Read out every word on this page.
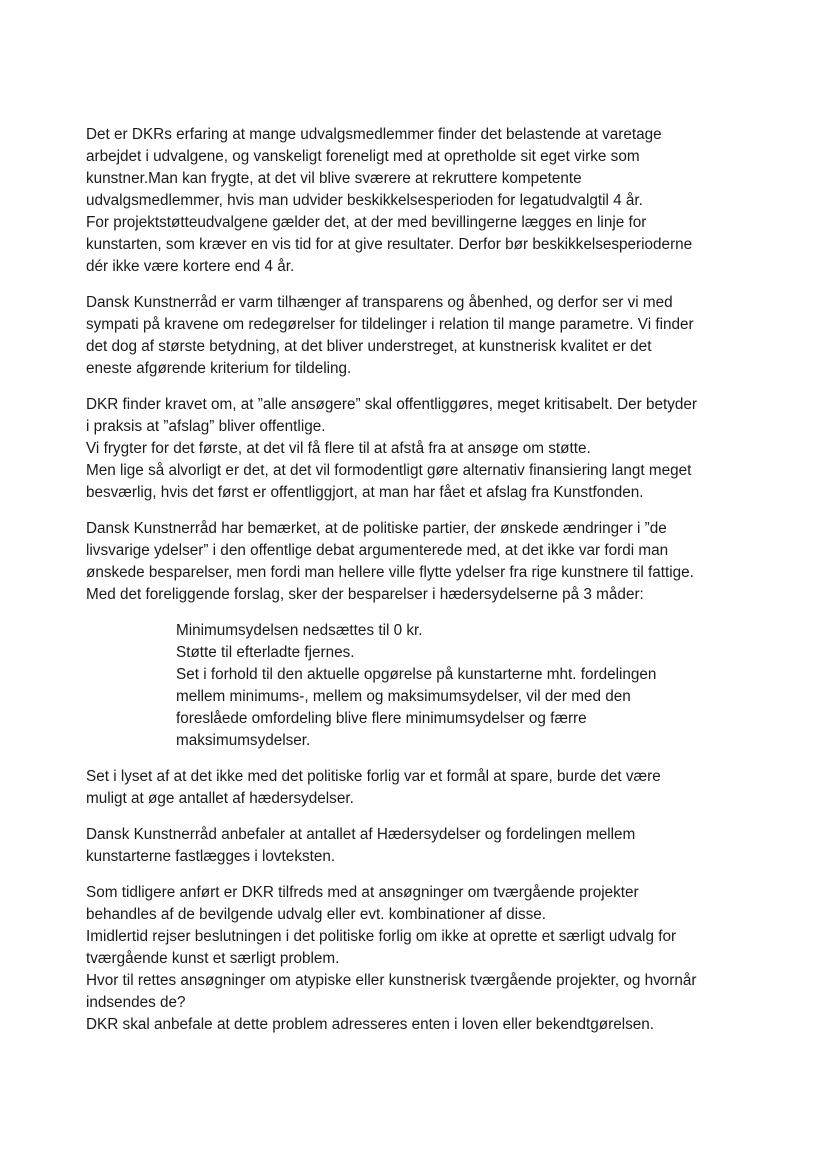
Det er DKRs erfaring at mange udvalgsmedlemmer finder det belastende at varetage
arbejdet i udvalgene, og vanskeligt foreneligt med at opretholde sit eget virke som
kunstner.Man kan frygte, at det vil blive sværere at rekruttere kompetente
udvalgsmedlemmer, hvis man udvider beskikkelsesperioden for legatudvalgtil 4 år.
For projektstøtteudvalgene gælder det, at der med bevillingerne lægges en linje for
kunstarten, som kræver en vis tid for at give resultater. Derfor bør beskikkelsesperioderne
dér ikke være kortere end 4 år.
Dansk Kunstnerråd er varm tilhænger af transparens og åbenhed, og derfor ser vi med
sympati på kravene om redegørelser for tildelinger i relation til mange parametre. Vi finder
det dog af største betydning, at det bliver understreget, at kunstnerisk kvalitet er det
eneste afgørende kriterium for tildeling.
DKR finder kravet om, at ”alle ansøgere” skal offentliggøres, meget kritisabelt. Der betyder
i praksis at ”afslag” bliver offentlige.
Vi frygter for det første, at det vil få flere til at afstå fra at ansøge om støtte.
Men lige så alvorligt er det, at det vil formodentligt gøre alternativ finansiering langt meget
besværlig, hvis det først er offentliggjort, at man har fået et afslag fra Kunstfonden.
Dansk Kunstnerråd har bemærket, at de politiske partier, der ønskede ændringer i ”de
livsvarige ydelser” i den offentlige debat argumenterede med, at det ikke var fordi man
ønskede besparelser, men fordi man hellere ville flytte ydelser fra rige kunstnere til fattige.
Med det foreliggende forslag, sker der besparelser i hædersydelserne på 3 måder:
Minimumsydelsen nedsættes til 0 kr.
Støtte til efterladte fjernes.
Set i forhold til den aktuelle opgørelse på kunstarterne mht. fordelingen
mellem minimums-, mellem og maksimumsydelser, vil der med den
foreslåede omfordeling blive flere minimumsydelser og færre
maksimumsydelser.
Set i lyset af at det ikke med det politiske forlig var et formål at spare, burde det være
muligt at øge antallet af hædersydelser.
Dansk Kunstnerråd anbefaler at antallet af Hædersydelser og fordelingen mellem
kunstarterne fastlægges i lovteksten.
Som tidligere anført er DKR tilfreds med at ansøgninger om tværgående projekter
behandles af de bevilgende udvalg eller evt. kombinationer af disse.
Imidlertid rejser beslutningen i det politiske forlig om ikke at oprette et særligt udvalg for
tværgående kunst et særligt problem.
Hvor til rettes ansøgninger om atypiske eller kunstnerisk tværgående projekter, og hvornår
indsendes de?
DKR skal anbefale at dette problem adresseres enten i loven eller bekendtgørelsen.
